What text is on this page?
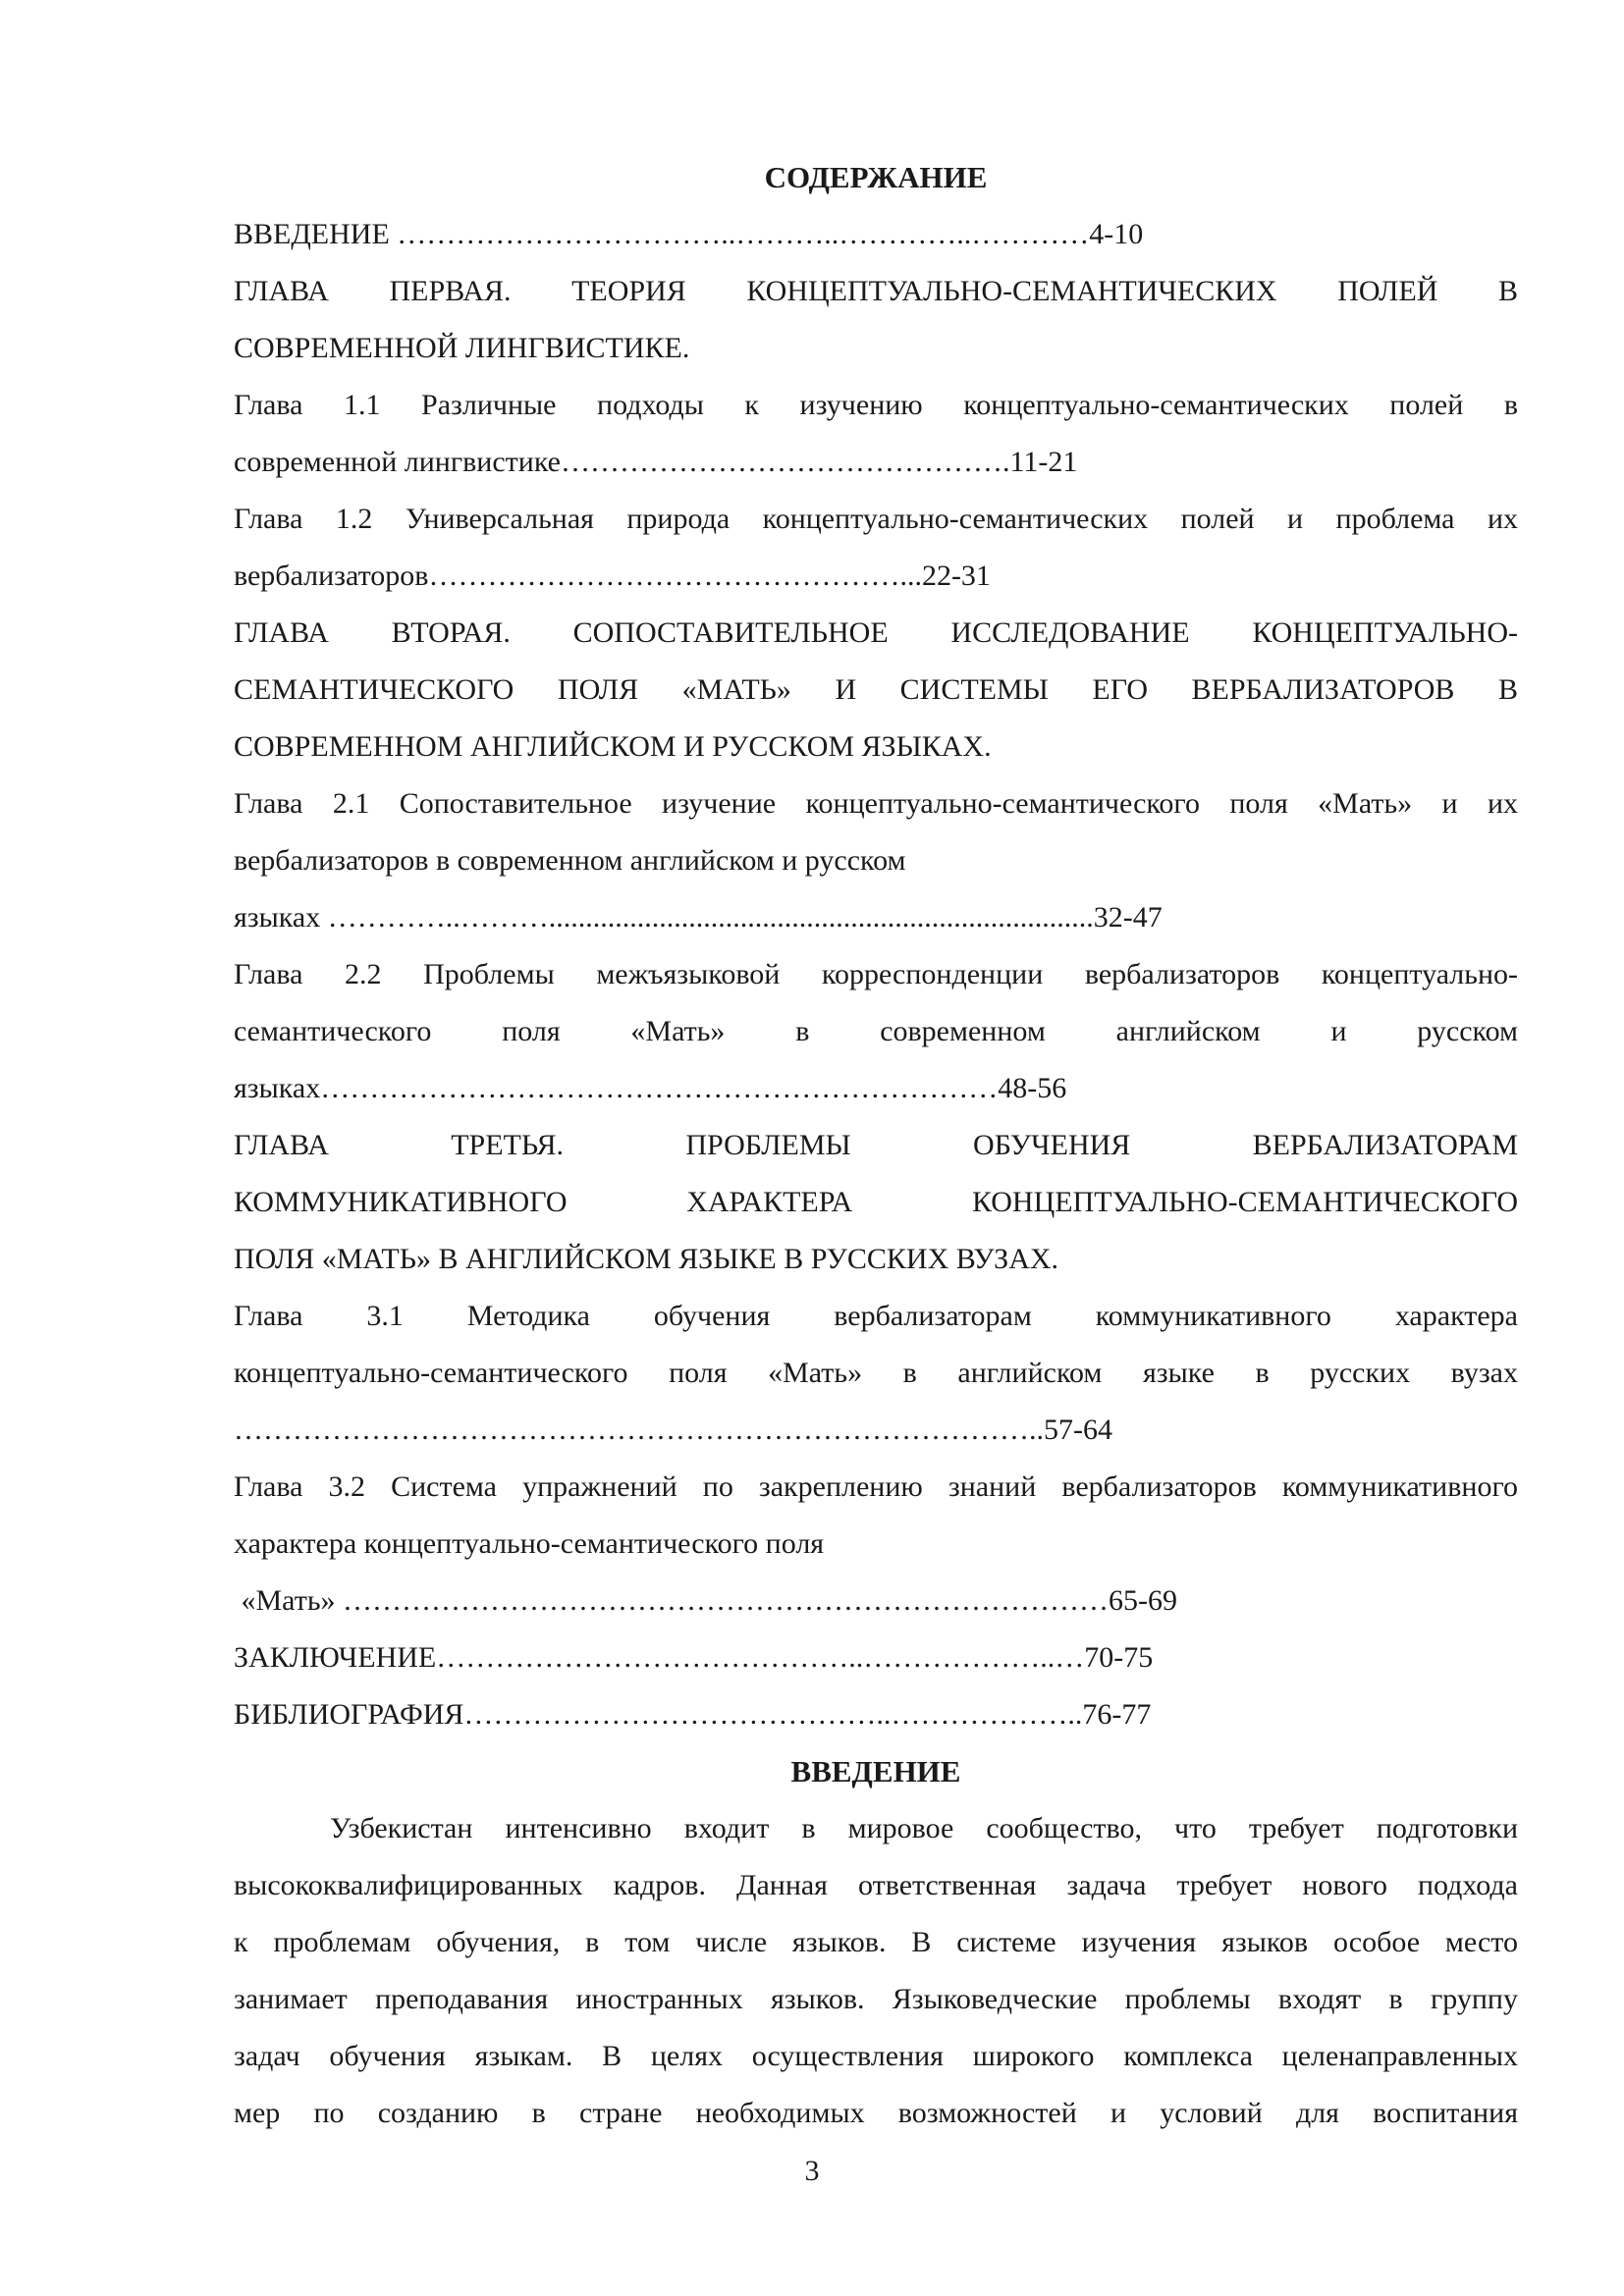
СОДЕРЖАНИЕ

ВВЕДЕНИЕ ……………………………..………..…………..…………4-10
ГЛАВА ПЕРВАЯ. ТЕОРИЯ КОНЦЕПТУАЛЬНО-СЕМАНТИЧЕСКИХ ПОЛЕЙ В
СОВРЕМЕННОЙ ЛИНГВИСТИКЕ.
Глава 1.1 Различные подходы к изучению концептуально-семантических полей в
современной лингвистике……………………………………….11-21
Глава 1.2 Универсальная природа концептуально-семантических полей и проблема их
вербализаторов…………………………………………...22-31
ГЛАВА ВТОРАЯ. СОПОСТАВИТЕЛЬНОЕ ИССЛЕДОВАНИЕ КОНЦЕПТУАЛЬНО-
СЕМАНТИЧЕСКОГО ПОЛЯ «МАТЬ» И СИСТЕМЫ ЕГО ВЕРБАЛИЗАТОРОВ В
СОВРЕМЕННОМ АНГЛИЙСКОМ И РУССКОМ ЯЗЫКАХ.
Глава 2.1 Сопоставительное изучение концептуально-семантического поля «Мать» и их
вербализаторов в современном английском и русском
языках …………..………..........................................................................32-47
Глава 2.2 Проблемы межъязыковой корреспонденции вербализаторов концептуально-
семантического поля «Мать» в современном английском и русском
языках……………………………………………………………48-56
ГЛАВА ТРЕТЬЯ. ПРОБЛЕМЫ ОБУЧЕНИЯ ВЕРБАЛИЗАТОРАМ
КОММУНИКАТИВНОГО ХАРАКТЕРА КОНЦЕПТУАЛЬНО-СЕМАНТИЧЕСКОГО
ПОЛЯ «МАТЬ» В АНГЛИЙСКОМ ЯЗЫКЕ В РУССКИХ ВУЗАХ.
Глава 3.1 Методика обучения вербализаторам коммуникативного характера
концептуально-семантического поля «Мать» в английском языке в русских вузах
………………………………………………………………………..57-64
Глава 3.2 Система упражнений по закреплению знаний вербализаторов коммуникативного
характера концептуально-семантического поля
«Мать» ……………………………………………………………………65-69
ЗАКЛЮЧЕНИЕ……………………………………..………………..…70-75
БИБЛИОГРАФИЯ……………………………………..………………..76-77

ВВЕДЕНИЕ

Узбекистан интенсивно входит в мировое сообщество, что требует подготовки
высококвалифицированных кадров. Данная ответственная задача требует нового подхода
к проблемам обучения, в том числе языков. В системе изучения языков особое место
занимает преподавания иностранных языков. Языковедческие проблемы входят в группу
задач обучения языкам. В целях осуществления широкого комплекса целенаправленных
мер по созданию в стране необходимых возможностей и условий для воспитания
3
